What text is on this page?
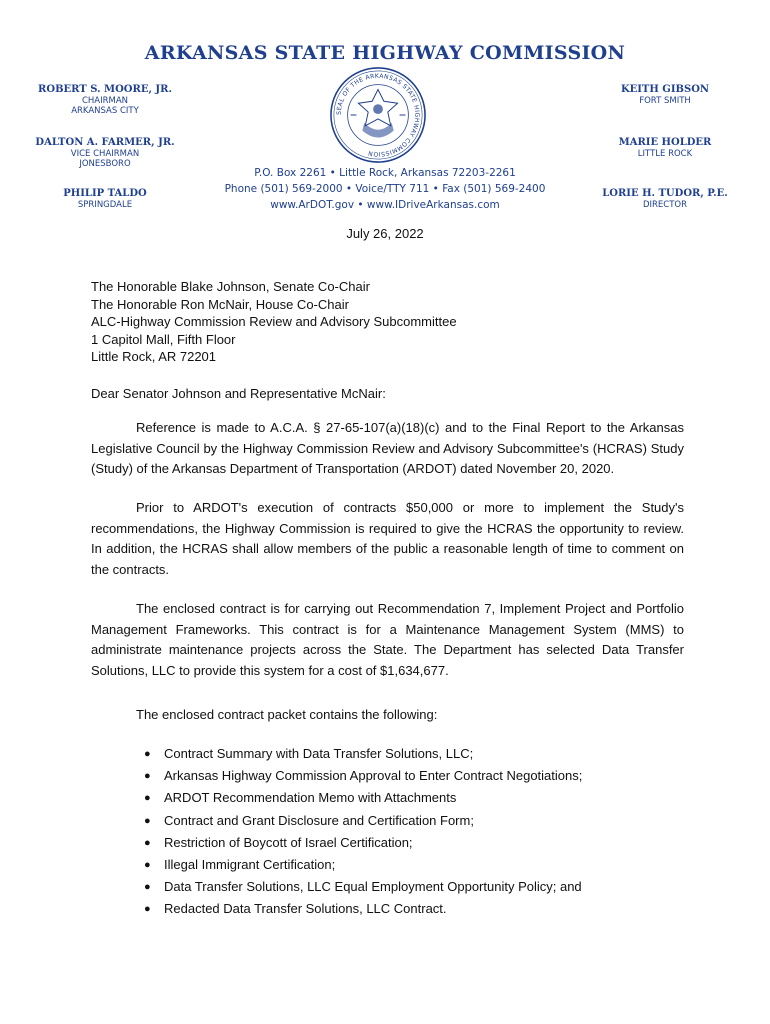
ARKANSAS STATE HIGHWAY COMMISSION
ROBERT S. MOORE, JR.
CHAIRMAN
ARKANSAS CITY
DALTON A. FARMER, JR.
VICE CHAIRMAN
JONESBORO
PHILIP TALDO
SPRINGDALE
KEITH GIBSON
FORT SMITH
MARIE HOLDER
LITTLE ROCK
LORIE H. TUDOR, P.E.
DIRECTOR
SEAL OF THE ARKANSAS STATE HIGHWAY COMMISSION
P.O. Box 2261 • Little Rock, Arkansas 72203-2261
Phone (501) 569-2000 • Voice/TTY 711 • Fax (501) 569-2400
www.ArDOT.gov • www.IDriveArkansas.com
July 26, 2022
The Honorable Blake Johnson, Senate Co-Chair
The Honorable Ron McNair, House Co-Chair
ALC-Highway Commission Review and Advisory Subcommittee
1 Capitol Mall, Fifth Floor
Little Rock, AR 72201
Dear Senator Johnson and Representative McNair:

Reference is made to A.C.A. § 27-65-107(a)(18)(c) and to the Final Report to the Arkansas Legislative Council by the Highway Commission Review and Advisory Subcommittee's (HCRAS) Study (Study) of the Arkansas Department of Transportation (ARDOT) dated November 20, 2020.

Prior to ARDOT's execution of contracts $50,000 or more to implement the Study's recommendations, the Highway Commission is required to give the HCRAS the opportunity to review. In addition, the HCRAS shall allow members of the public a reasonable length of time to comment on the contracts.

The enclosed contract is for carrying out Recommendation 7, Implement Project and Portfolio Management Frameworks. This contract is for a Maintenance Management System (MMS) to administrate maintenance projects across the State. The Department has selected Data Transfer Solutions, LLC to provide this system for a cost of $1,634,677.

The enclosed contract packet contains the following:

● Contract Summary with Data Transfer Solutions, LLC;
● Arkansas Highway Commission Approval to Enter Contract Negotiations;
● ARDOT Recommendation Memo with Attachments
● Contract and Grant Disclosure and Certification Form;
● Restriction of Boycott of Israel Certification;
● Illegal Immigrant Certification;
● Data Transfer Solutions, LLC Equal Employment Opportunity Policy; and
● Redacted Data Transfer Solutions, LLC Contract.
